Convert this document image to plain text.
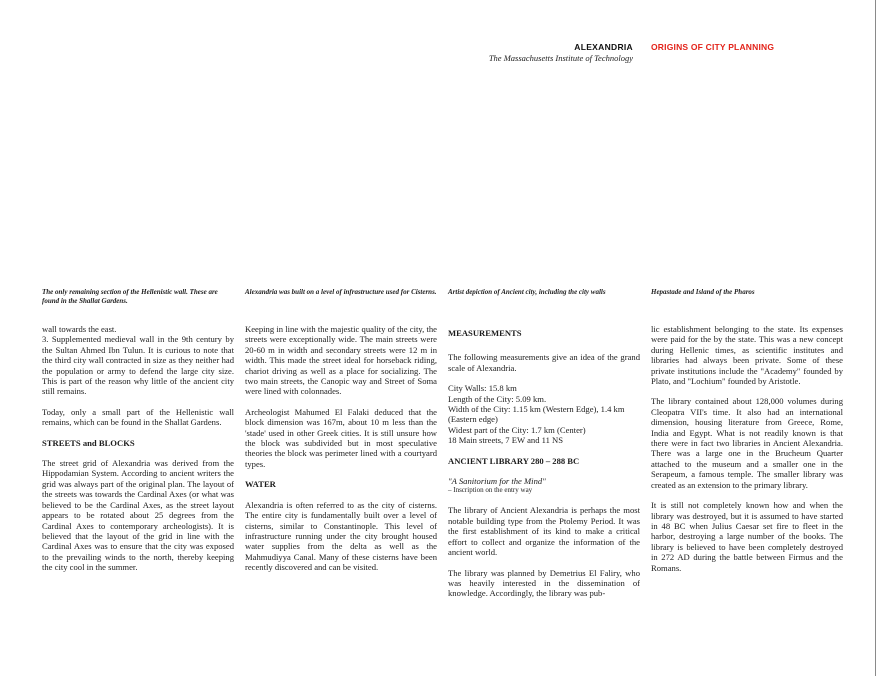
ALEXANDRIA
The Massachusetts Institute of Technology
ORIGINS OF CITY PLANNING
The only remaining section of the Hellenistic wall. These are found in the Shallat Gardens.
Alexandria was built on a level of infrastructure used for Cisterns. Artist depiction of Ancient city, including the city walls	Hepastade and Island of the Pharos

wall towards the east.

3. Supplemented medieval wall in the 9th century by the Sultan Ahmed Ibn Tulun. It is curious to note that the third city wall contracted in size as they neither had the population or army to defend the large city size. This is part of the reason why little of the ancient city still remains.

Today, only a small part of the Hellenistic wall remains, which can be found in the Shallat Gardens.

STREETS and BLOCKS

The street grid of Alexandria was derived from the Hippodamian System. According to ancient writers the grid was always part of the original plan. The layout of the streets was towards the Cardinal Axes (or what was believed to be the Cardinal Axes, as the street layout appears to be rotated about 25 degrees from the Cardinal Axes to contemporary archeologists). It is believed that the layout of the grid in line with the Cardinal Axes was to ensure that the city was exposed to the prevailing winds to the north, thereby keeping the city cool in the summer.

Keeping in line with the majestic quality of the city, the streets were exceptionally wide. The main streets were 20-60 m in width and secondary streets were 12 m in width. This made the street ideal for horseback riding, chariot driving as well as a place for socializing. The two main streets, the Canopic way and Street of Soma were lined with colonnades.

Archeologist Mahumed El Falaki deduced that the block dimension was 167m, about 10 m less than the 'stade' used in other Greek cities. It is still unsure how the block was subdivided but in most speculative theories the block was perimeter lined with a courtyard types.

WATER

Alexandria is often referred to as the city of cisterns. The entire city is fundamentally built over a level of cisterns, similar to Constantinople. This level of infrastructure running under the city brought housed water supplies from the delta as well as the Mahmudiyya Canal. Many of these cisterns have been recently discovered and can be visited.

MEASUREMENTS

The following measurements give an idea of the grand scale of Alexandria.

City Walls: 15.8 km
Length of the City: 5.09 km.
Width of the City: 1.15 km (Western Edge), 1.4 km (Eastern edge)
Widest part of the City: 1.7 km (Center)
18 Main streets, 7 EW and 11 NS
ANCIENT LIBRARY 280 – 288 BC

"A Sanitorium for the Mind"

– Inscription on the entry way

The library of Ancient Alexandria is perhaps the most notable building type from the Ptolemy Period. It was the first establishment of its kind to make a critical effort to collect and organize the information of the ancient world.

The library was planned by Demetrius El Faliry, who was heavily interested in the dissemination of knowledge. Accordingly, the library was pub-

lic establishment belonging to the state. Its expenses were paid for the by the state. This was a new concept during Hellenic times, as scientific institutes and libraries had always been private. Some of these private institutions include the "Academy" founded by Plato, and "Lochium" founded by Aristotle.

The library contained about 128,000 volumes during Cleopatra VII's time. It also had an international dimension, housing literature from Greece, Rome, India and Egypt. What is not readily known is that there were in fact two libraries in Ancient Alexandria. There was a large one in the Brucheum Quarter attached to the museum and a smaller one in the Serapeum, a famous temple. The smaller library was created as an extension to the primary library.

It is still not completely known how and when the library was destroyed, but it is assumed to have started in 48 BC when Julius Caesar set fire to fleet in the harbor, destroying a large number of the books. The library is believed to have been completely destroyed in 272 AD during the battle between Firmus and the Romans.
